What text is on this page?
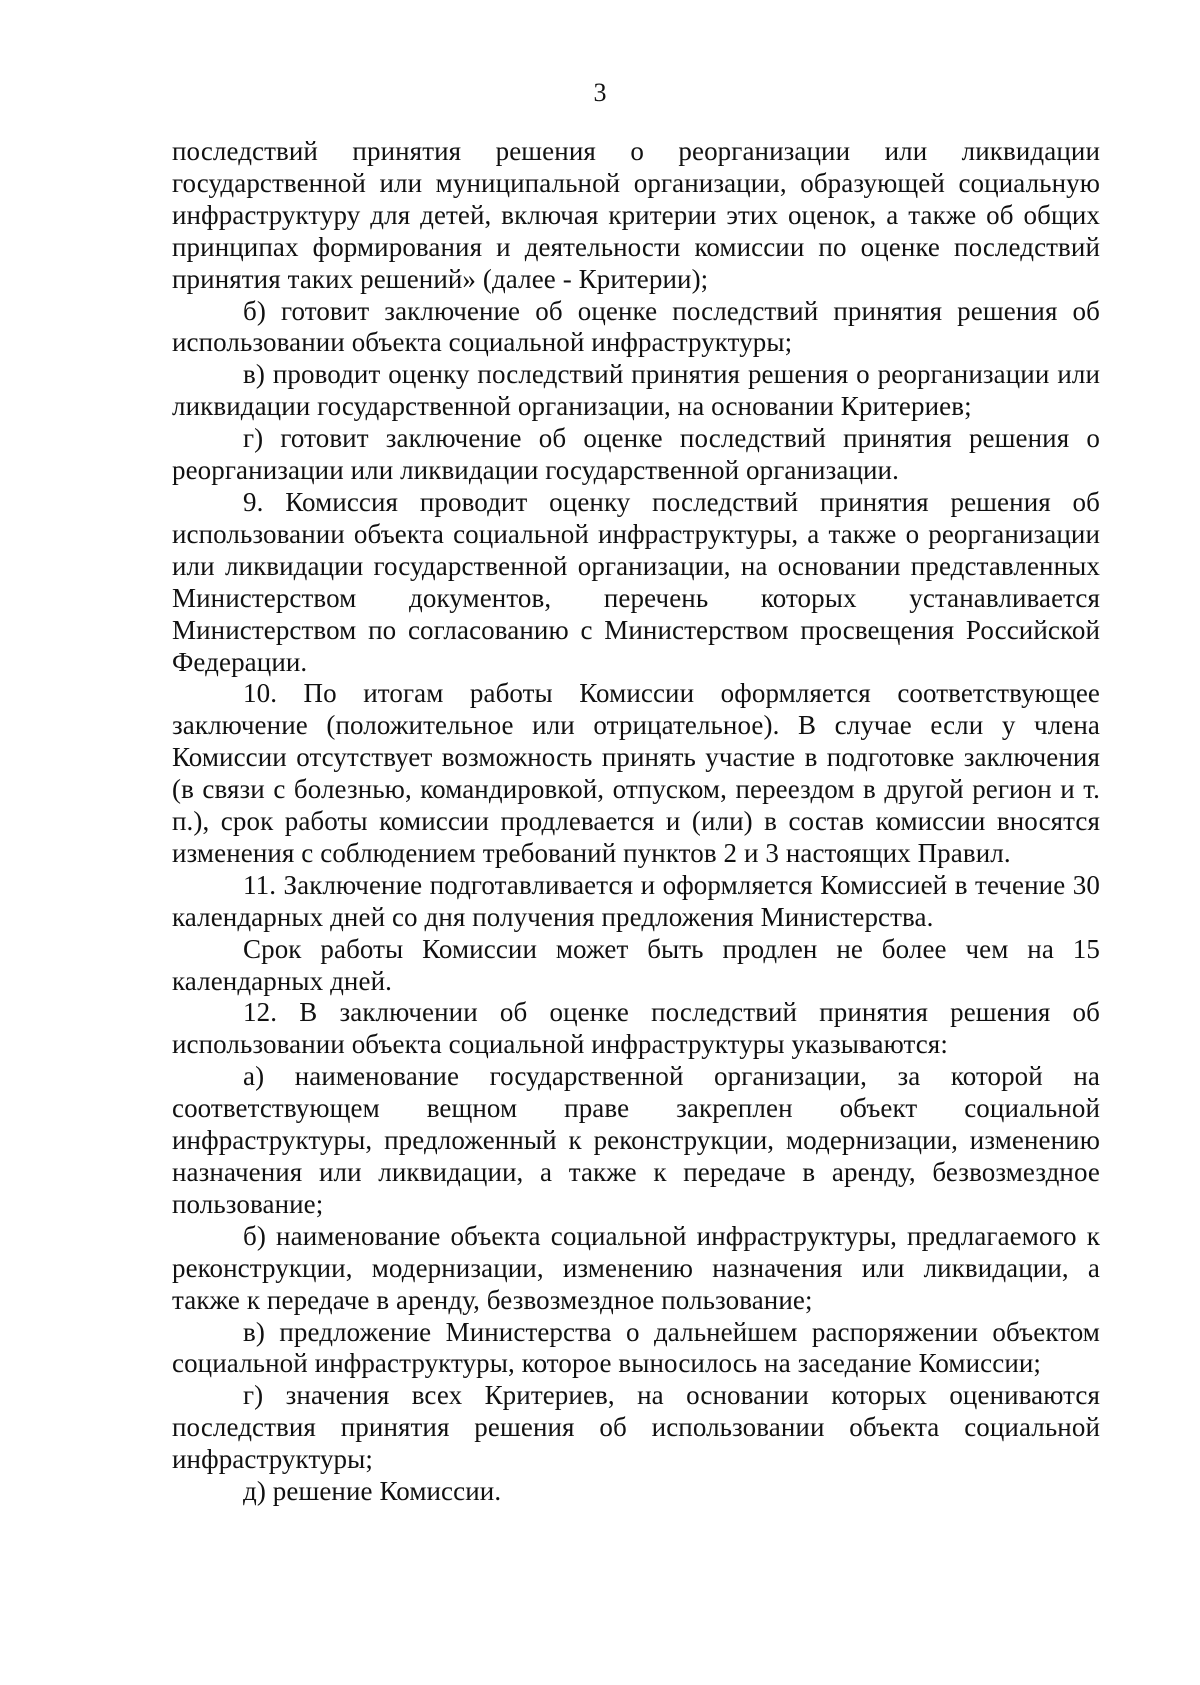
3

последствий принятия решения о реорганизации или ликвидации государственной или муниципальной организации, образующей социальную инфраструктуру для детей, включая критерии этих оценок, а также об общих принципах формирования и деятельности комиссии по оценке последствий принятия таких решений» (далее - Критерии);

б) готовит заключение об оценке последствий принятия решения об использовании объекта социальной инфраструктуры;

в) проводит оценку последствий принятия решения о реорганизации или ликвидации государственной организации, на основании Критериев;

г) готовит заключение об оценке последствий принятия решения о реорганизации или ликвидации государственной организации.

9. Комиссия проводит оценку последствий принятия решения об использовании объекта социальной инфраструктуры, а также о реорганизации или ликвидации государственной организации, на основании представленных Министерством документов, перечень которых устанавливается Министерством по согласованию с Министерством просвещения Российской Федерации.

10. По итогам работы Комиссии оформляется соответствующее заключение (положительное или отрицательное). В случае если у члена Комиссии отсутствует возможность принять участие в подготовке заключения (в связи с болезнью, командировкой, отпуском, переездом в другой регион и т. п.), срок работы комиссии продлевается и (или) в состав комиссии вносятся изменения с соблюдением требований пунктов 2 и 3 настоящих Правил.

11. Заключение подготавливается и оформляется Комиссией в течение 30 календарных дней со дня получения предложения Министерства.

Срок работы Комиссии может быть продлен не более чем на 15 календарных дней.

12. В заключении об оценке последствий принятия решения об использовании объекта социальной инфраструктуры указываются:

а) наименование государственной организации, за которой на соответствующем вещном праве закреплен объект социальной инфраструктуры, предложенный к реконструкции, модернизации, изменению назначения или ликвидации, а также к передаче в аренду, безвозмездное пользование;

б) наименование объекта социальной инфраструктуры, предлагаемого к реконструкции, модернизации, изменению назначения или ликвидации, а также к передаче в аренду, безвозмездное пользование;

в) предложение Министерства о дальнейшем распоряжении объектом социальной инфраструктуры, которое выносилось на заседание Комиссии;

г) значения всех Критериев, на основании которых оцениваются последствия принятия решения об использовании объекта социальной инфраструктуры;

д) решение Комиссии.
